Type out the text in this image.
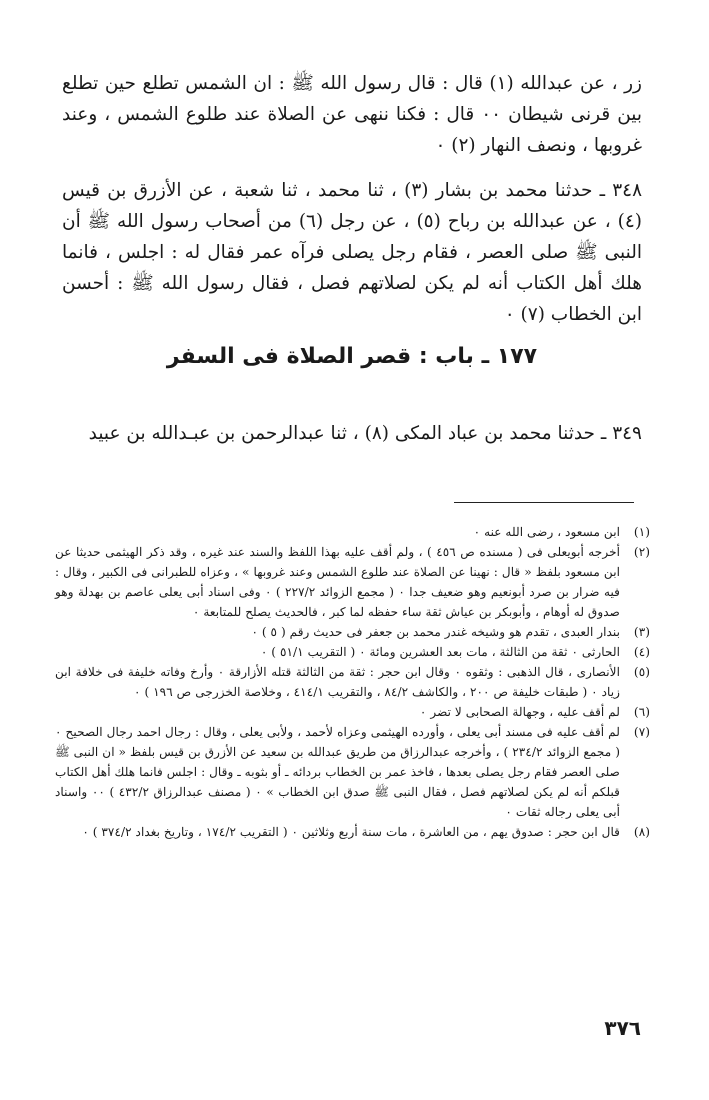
زر ، عن عبدالله (١) قال : قال رسول الله ﷺ : ان الشمس تطلع حين تطلع بين قرنى شيطان ٠٠ قال : فكنا ننهى عن الصلاة عند طلوع الشمس ، وعند غروبها ، ونصف النهار (٢) ٠

٣٤٨ ـ حدثنا محمد بن بشار (٣) ، ثنا محمد ، ثنا شعبة ، عن الأزرق بن قيس (٤) ، عن عبدالله بن رباح (٥) ، عن رجل (٦) من أصحاب رسول الله ﷺ أن النبى ﷺ صلى العصر ، فقام رجل يصلى فرآه عمر فقال له : اجلس ، فانما هلك أهل الكتاب أنه لم يكن لصلاتهم فصل ، فقال رسول الله ﷺ : أحسن ابن الخطاب (٧) ٠

١٧٧ ـ باب : قصر الصلاة فى السفر
٣٤٩ ـ حدثنا محمد بن عباد المكى (٨) ، ثنا عبدالرحمن بن عبـدالله بن عبيد
(١)
ابن مسعود ، رضى الله عنه ٠
(٢)
أخرجه أبويعلى فى ( مسنده ص ٤٥٦ ) ، ولم أقف عليه بهذا اللفظ والسند عند غيره ، وقد ذكر الهيثمى حديثا عن ابن مسعود بلفظ « قال : نهينا عن الصلاة عند طلوع الشمس وعند غروبها » ، وعزاه للطبرانى فى الكبير ، وقال : فيه ضرار بن صرد أبونعيم وهو ضعيف جدا ٠ ( مجمع الزوائد ٢٢٧/٢ ) ٠ وفى اسناد أبى يعلى عاصم بن بهدلة وهو صدوق له أوهام ، وأبوبكر بن عياش ثقة ساء حفظه لما كبر ، فالحديث يصلح للمتابعة ٠
(٣)
بندار العبدى ، تقدم هو وشيخه غندر محمد بن جعفر فى حديث رقم ( ٥ ) ٠
(٤)
الحارثى ٠ ثقة من الثالثة ، مات بعد العشرين ومائة ٠ ( التقريب ٥١/١ ) ٠
(٥)
الأنصارى ، قال الذهبى : وثقوه ٠ وقال ابن حجر : ثقة من الثالثة قتله الأزارقة ٠ وأرخ وفاته خليفة فى خلافة ابن زياد ٠ ( طبقات خليفة ص ٢٠٠ ، والكاشف ٨٤/٢ ، والتقريب ٤١٤/١ ، وخلاصة الخزرجى ص ١٩٦ ) ٠
(٦)
لم أقف عليه ، وجهالة الصحابى لا تضر ٠
(٧)
لم أقف عليه فى مسند أبى يعلى ، وأورده الهيثمى وعزاه لأحمد ، ولأبى يعلى ، وقال : رجال احمد رجال الصحيح ٠ ( مجمع الزوائد ٢٣٤/٢ ) ، وأخرجه عبدالرزاق من طريق عبدالله بن سعيد عن الأزرق بن قيس بلفظ « ان النبى ﷺ صلى العصر فقام رجل يصلى بعدها ، فاخذ عمر بن الخطاب بردائه ـ أو بثوبه ـ وقال : اجلس فانما هلك أهل الكتاب قبلكم أنه لم يكن لصلاتهم فصل ، فقال النبى ﷺ صدق ابن الخطاب » ٠ ( مصنف عبدالرزاق ٤٣٢/٢ ) ٠٠ واسناد أبى يعلى رجاله ثقات ٠
(٨)
قال ابن حجر : صدوق يهم ، من العاشرة ، مات سنة أربع وثلاثين ٠ ( التقريب ١٧٤/٢ ، وتاريخ بغداد ٣٧٤/٢ ) ٠
٣٧٦
